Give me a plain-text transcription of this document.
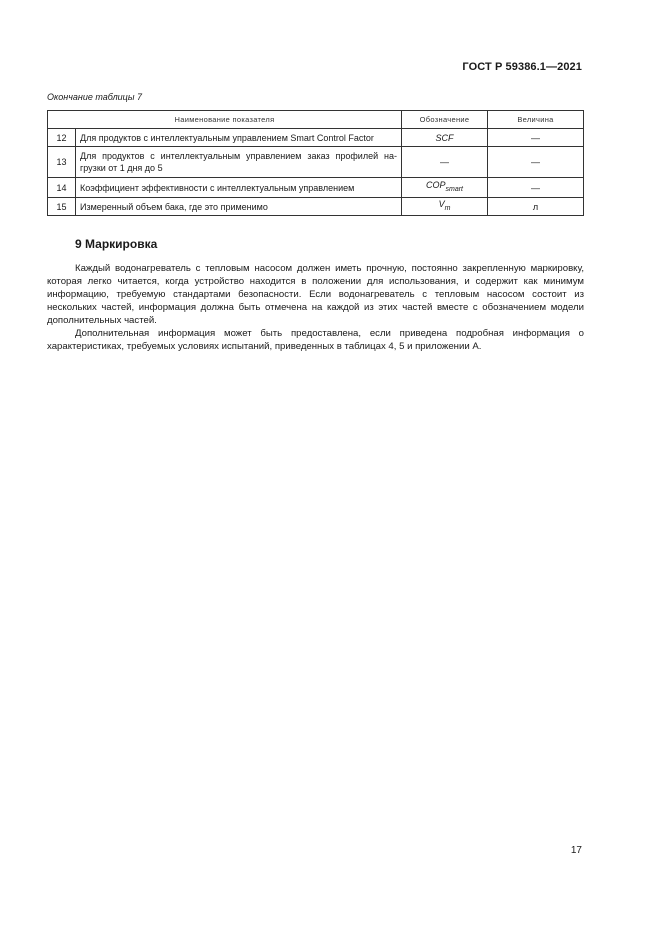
ГОСТ Р 59386.1—2021
Окончание таблицы 7
Наименование показателя		Обозначение	Величина
12	Для продуктов с интеллектуальным управлением Smart Control Factor	SCF	—
13	Для продуктов с интеллектуальным управлением заказ профилей на-грузки от 1 дня до 5	—	—
14	Коэффициент эффективности с интеллектуальным управлением	$COP_{smart}$	—
15	Измеренный объем бака, где это применимо	$V_m$	л
9 Маркировка

Каждый водонагреватель с тепловым насосом должен иметь прочную, постоянно закрепленную маркировку, которая легко читается, когда устройство находится в положении для использования, и содержит как минимум информацию, требуемую стандартами безопасности. Если водонагреватель с тепловым насосом состоит из нескольких частей, информация должна быть отмечена на каждой из этих частей вместе с обозначением модели дополнительных частей.

Дополнительная информация может быть предоставлена, если приведена подробная информация о характеристиках, требуемых условиях испытаний, приведенных в таблицах 4, 5 и приложении А.

17
